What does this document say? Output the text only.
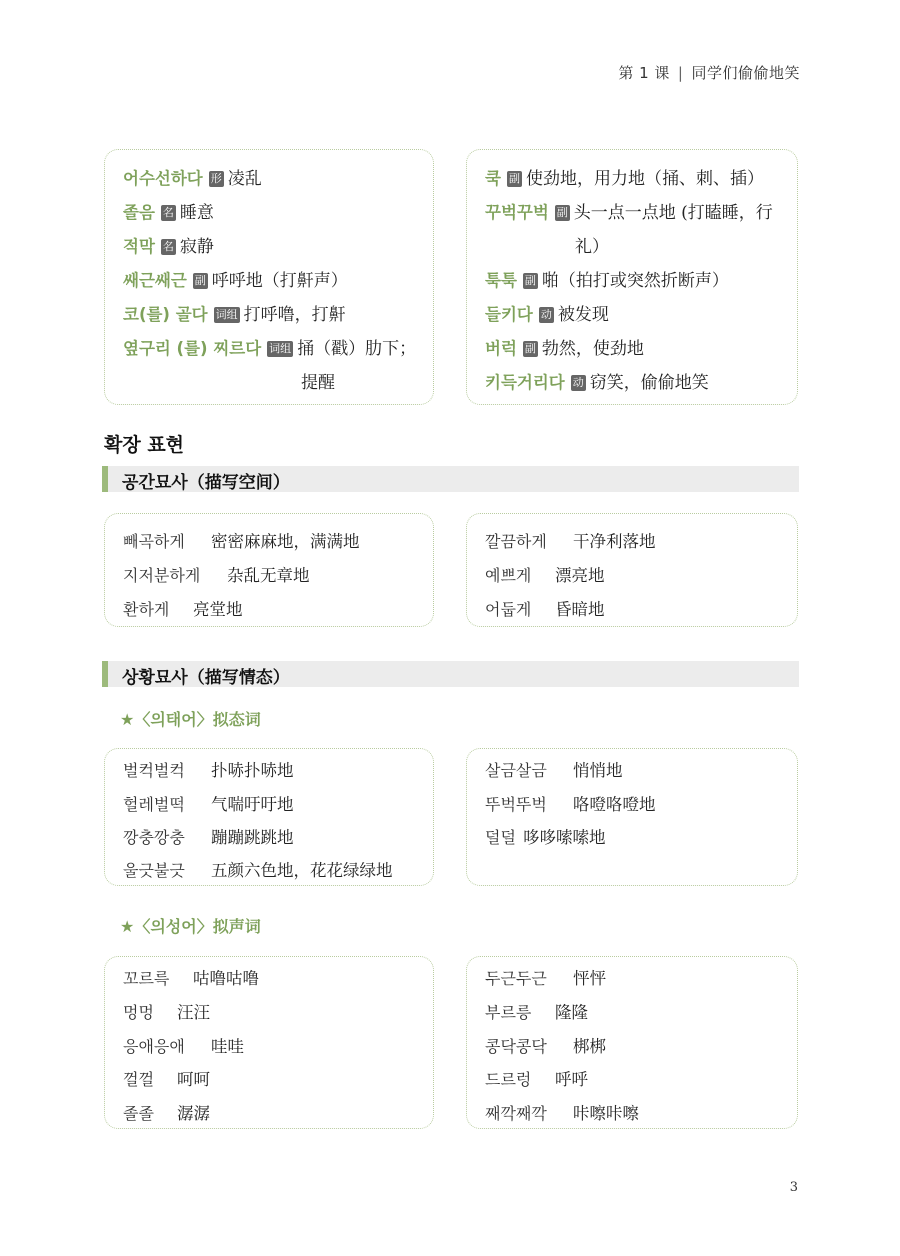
第 1 课 | 同学们偷偷地笑
어수선하다 形 凌乱
졸음 名 睡意
적막 名 寂静
쌔근쌔근 副 呼呼地（打鼾声）
코(를) 골다 词组 打呼噜，打鼾
옆구리 (를) 찌르다 词组 捅（戳）肋下；
提醒
쿡 副 使劲地，用力地（捅、刺、插）
꾸벅꾸벅 副 头一点一点地 (打瞌睡，行
礼）
툭툭 副 啪（拍打或突然折断声）
들키다 动 被发现
버럭 副 勃然，使劲地
키득거리다 动 窃笑，偷偷地笑
확장 표현
공간묘사（描写空间）
빼곡하게 密密麻麻地，满满地
지저분하게 杂乱无章地
환하게 亮堂地
깔끔하게 干净利落地
예쁘게 漂亮地
어둡게 昏暗地
상황묘사（描写情态）
★〈의태어〉拟态词
벌컥벌컥 扑哧扑哧地
헐레벌떡 气喘吁吁地
깡충깡충 蹦蹦跳跳地
울긋불긋 五颜六色地，花花绿绿地
살금살금 悄悄地
뚜벅뚜벅 咯噔咯噔地
덜덜 哆哆嗦嗦地
★〈의성어〉拟声词
꼬르륵 咕噜咕噜
멍멍 汪汪
응애응애 哇哇
껄껄 呵呵
졸졸 潺潺
두근두근 怦怦
부르릉 隆隆
콩닥콩닥 梆梆
드르렁 呼呼
째깍째깍 咔嚓咔嚓
3
